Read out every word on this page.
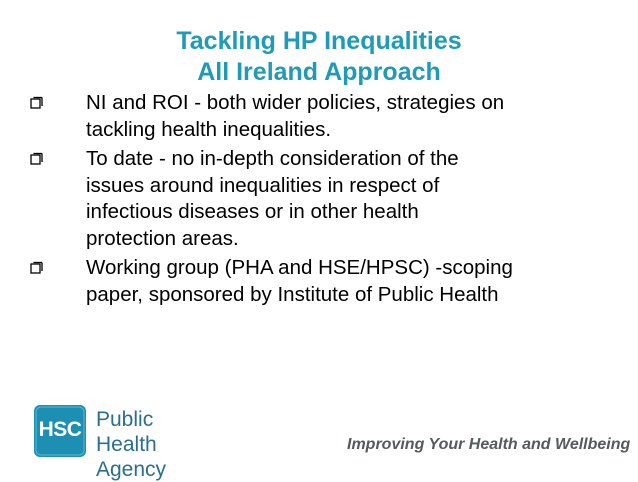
Tackling HP Inequalities
All Ireland Approach
NI and ROI - both wider policies, strategies on
tackling health inequalities.
To date - no in-depth consideration of the
issues around inequalities in respect of
infectious diseases or in other health
protection areas.
Working group (PHA and HSE/HPSC) -scoping
paper, sponsored by Institute of Public Health
HSC Public Health
Agency
Improving Your Health and Wellbeing
